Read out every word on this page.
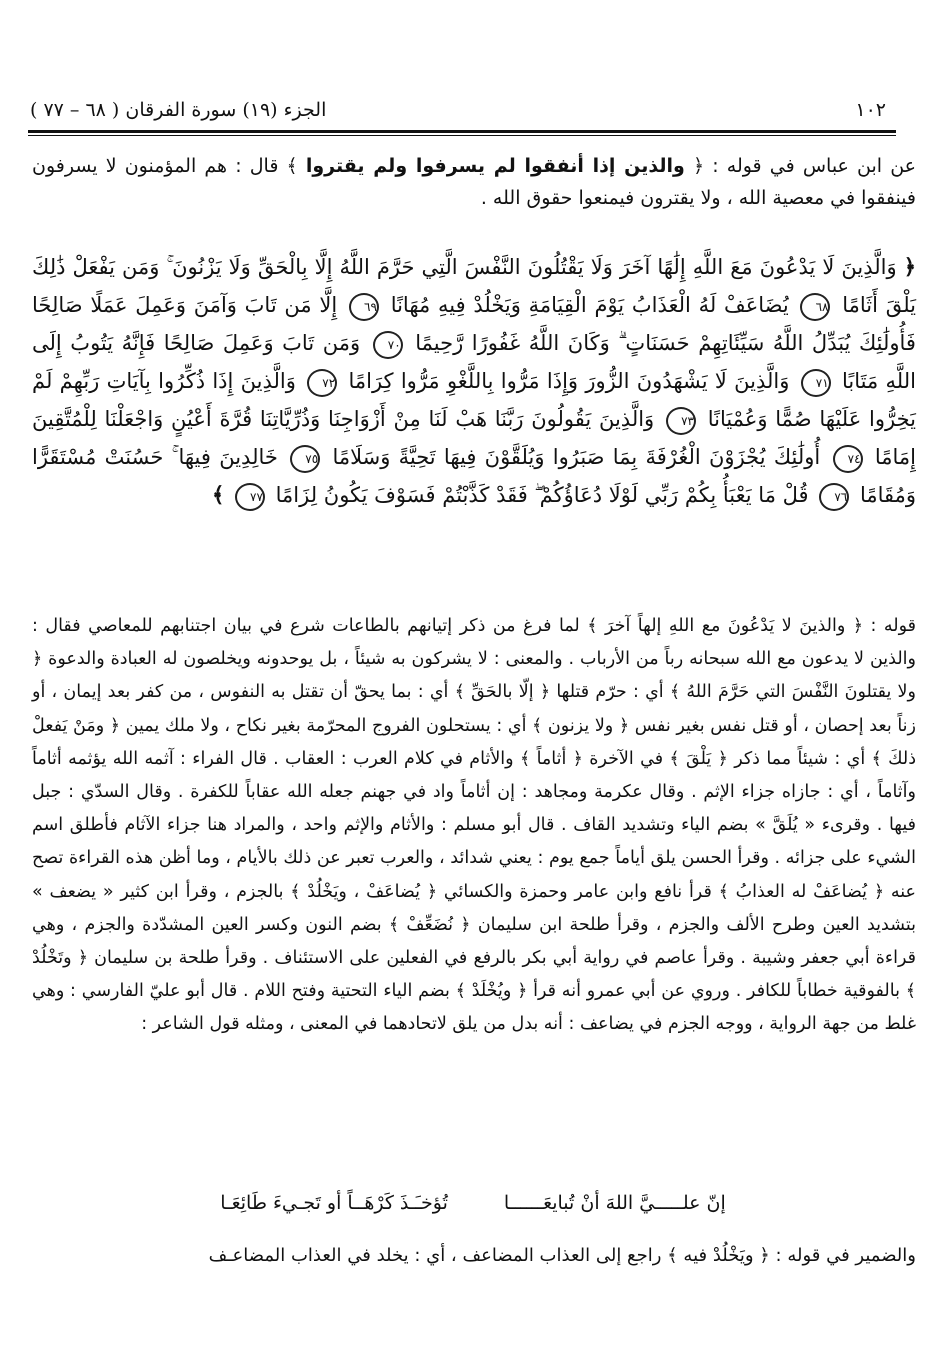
١٠٢
الجزء (١٩) سورة الفرقان ( ٦٨ – ٧٧ )
عن ابن عباس في قوله : ﴿ والذين إذا أنفقوا لم يسرفوا ولم يقتروا ﴾ قال : هم المؤمنون لا يسرفون فينفقوا في معصية الله ، ولا يقترون فيمنعوا حقوق الله .
﴿ وَالَّذِينَ لَا يَدْعُونَ مَعَ اللَّهِ إِلَٰهًا آخَرَ وَلَا يَقْتُلُونَ النَّفْسَ الَّتِي حَرَّمَ اللَّهُ إِلَّا بِالْحَقِّ وَلَا يَزْنُونَ ۚ وَمَن يَفْعَلْ ذَٰلِكَ يَلْقَ أَثَامًا ٦٨ يُضَاعَفْ لَهُ الْعَذَابُ يَوْمَ الْقِيَامَةِ وَيَخْلُدْ فِيهِ مُهَانًا ٦٩ إِلَّا مَن تَابَ وَآمَنَ وَعَمِلَ عَمَلًا صَالِحًا فَأُولَٰئِكَ يُبَدِّلُ اللَّهُ سَيِّئَاتِهِمْ حَسَنَاتٍ ۗ وَكَانَ اللَّهُ غَفُورًا رَّحِيمًا ٧٠ وَمَن تَابَ وَعَمِلَ صَالِحًا فَإِنَّهُ يَتُوبُ إِلَى اللَّهِ مَتَابًا ٧١ وَالَّذِينَ لَا يَشْهَدُونَ الزُّورَ وَإِذَا مَرُّوا بِاللَّغْوِ مَرُّوا كِرَامًا ٧٢ وَالَّذِينَ إِذَا ذُكِّرُوا بِآيَاتِ رَبِّهِمْ لَمْ يَخِرُّوا عَلَيْهَا صُمًّا وَعُمْيَانًا ٧٣ وَالَّذِينَ يَقُولُونَ رَبَّنَا هَبْ لَنَا مِنْ أَزْوَاجِنَا وَذُرِّيَّاتِنَا قُرَّةَ أَعْيُنٍ وَاجْعَلْنَا لِلْمُتَّقِينَ إِمَامًا ٧٤ أُولَٰئِكَ يُجْزَوْنَ الْغُرْفَةَ بِمَا صَبَرُوا وَيُلَقَّوْنَ فِيهَا تَحِيَّةً وَسَلَامًا ٧٥ خَالِدِينَ فِيهَا ۚ حَسُنَتْ مُسْتَقَرًّا وَمُقَامًا ٧٦ قُلْ مَا يَعْبَأُ بِكُمْ رَبِّي لَوْلَا دُعَاؤُكُمْ ۖ فَقَدْ كَذَّبْتُمْ فَسَوْفَ يَكُونُ لِزَامًا ٧٧ ﴾
قوله : ﴿ والذينَ لا يَدْعُونَ مع اللهِ إلهاً آخرَ ﴾ لما فرغ من ذكر إتيانهم بالطاعات شرع في بيان اجتنابهم للمعاصي فقال : والذين لا يدعون مع الله سبحانه رباً من الأرباب . والمعنى : لا يشركون به شيئاً ، بل يوحدونه ويخلصون له العبادة والدعوة ﴿ ولا يقتلونَ النَّفْسَ التي حَرَّمَ اللهُ ﴾ أي : حرّم قتلها ﴿ إلّا بالحَقِّ ﴾ أي : بما يحقّ أن تقتل به النفوس ، من كفر بعد إيمان ، أو زناً بعد إحصان ، أو قتل نفس بغير نفس ﴿ ولا يزنون ﴾ أي : يستحلون الفروج المحرّمة بغير نكاح ، ولا ملك يمين ﴿ ومَنْ يَفعلْ ذلكَ ﴾ أي : شيئاً مما ذكر ﴿ يَلْقَ ﴾ في الآخرة ﴿ أثاماً ﴾ والأثام في كلام العرب : العقاب . قال الفراء : آثمه الله يؤثمه أثاماً وآثاماً ، أي : جازاه جزاء الإثم . وقال عكرمة ومجاهد : إن أثاماً واد في جهنم جعله الله عقاباً للكفرة . وقال السدّي : جبل فيها . وقرىء « يُلَقَّ » بضم الياء وتشديد القاف . قال أبو مسلم : والأثام والإثم واحد ، والمراد هنا جزاء الآثام فأطلق اسم الشيء على جزائه . وقرأ الحسن يلق أياماً جمع يوم : يعني شدائد ، والعرب تعبر عن ذلك بالأيام ، وما أظن هذه القراءة تصح عنه ﴿ يُضاعَفْ له العذابُ ﴾ قرأ نافع وابن عامر وحمزة والكسائي ﴿ يُضاعَفْ ، ويَخْلُدْ ﴾ بالجزم ، وقرأ ابن كثير « يضعف » بتشديد العين وطرح الألف والجزم ، وقرأ طلحة ابن سليمان ﴿ نُضَعِّفْ ﴾ بضم النون وكسر العين المشدّدة والجزم ، وهي قراءة أبي جعفر وشيبة . وقرأ عاصم في رواية أبي بكر بالرفع في الفعلين على الاستئناف . وقرأ طلحة بن سليمان ﴿ وتَخْلُدْ ﴾ بالفوقية خطاباً للكافر . وروي عن أبي عمرو أنه قرأ ﴿ ويُخْلَدْ ﴾ بضم الياء التحتية وفتح اللام . قال أبو عليّ الفارسي : وهي غلط من جهة الرواية ، ووجه الجزم في يضاعف : أنه بدل من يلق لاتحادهما في المعنى ، ومثله قول الشاعر :
إنّ علـــــيَّ اللهَ أنْ تُبايعَــــــا
تُؤخـَـذَ كَرْهَــاً أو تَجـيءَ طَائِعَـا
والضمير في قوله : ﴿ ويَخْلُدْ فيه ﴾ راجع إلى العذاب المضاعف ، أي : يخلد في العذاب المضاعـف
